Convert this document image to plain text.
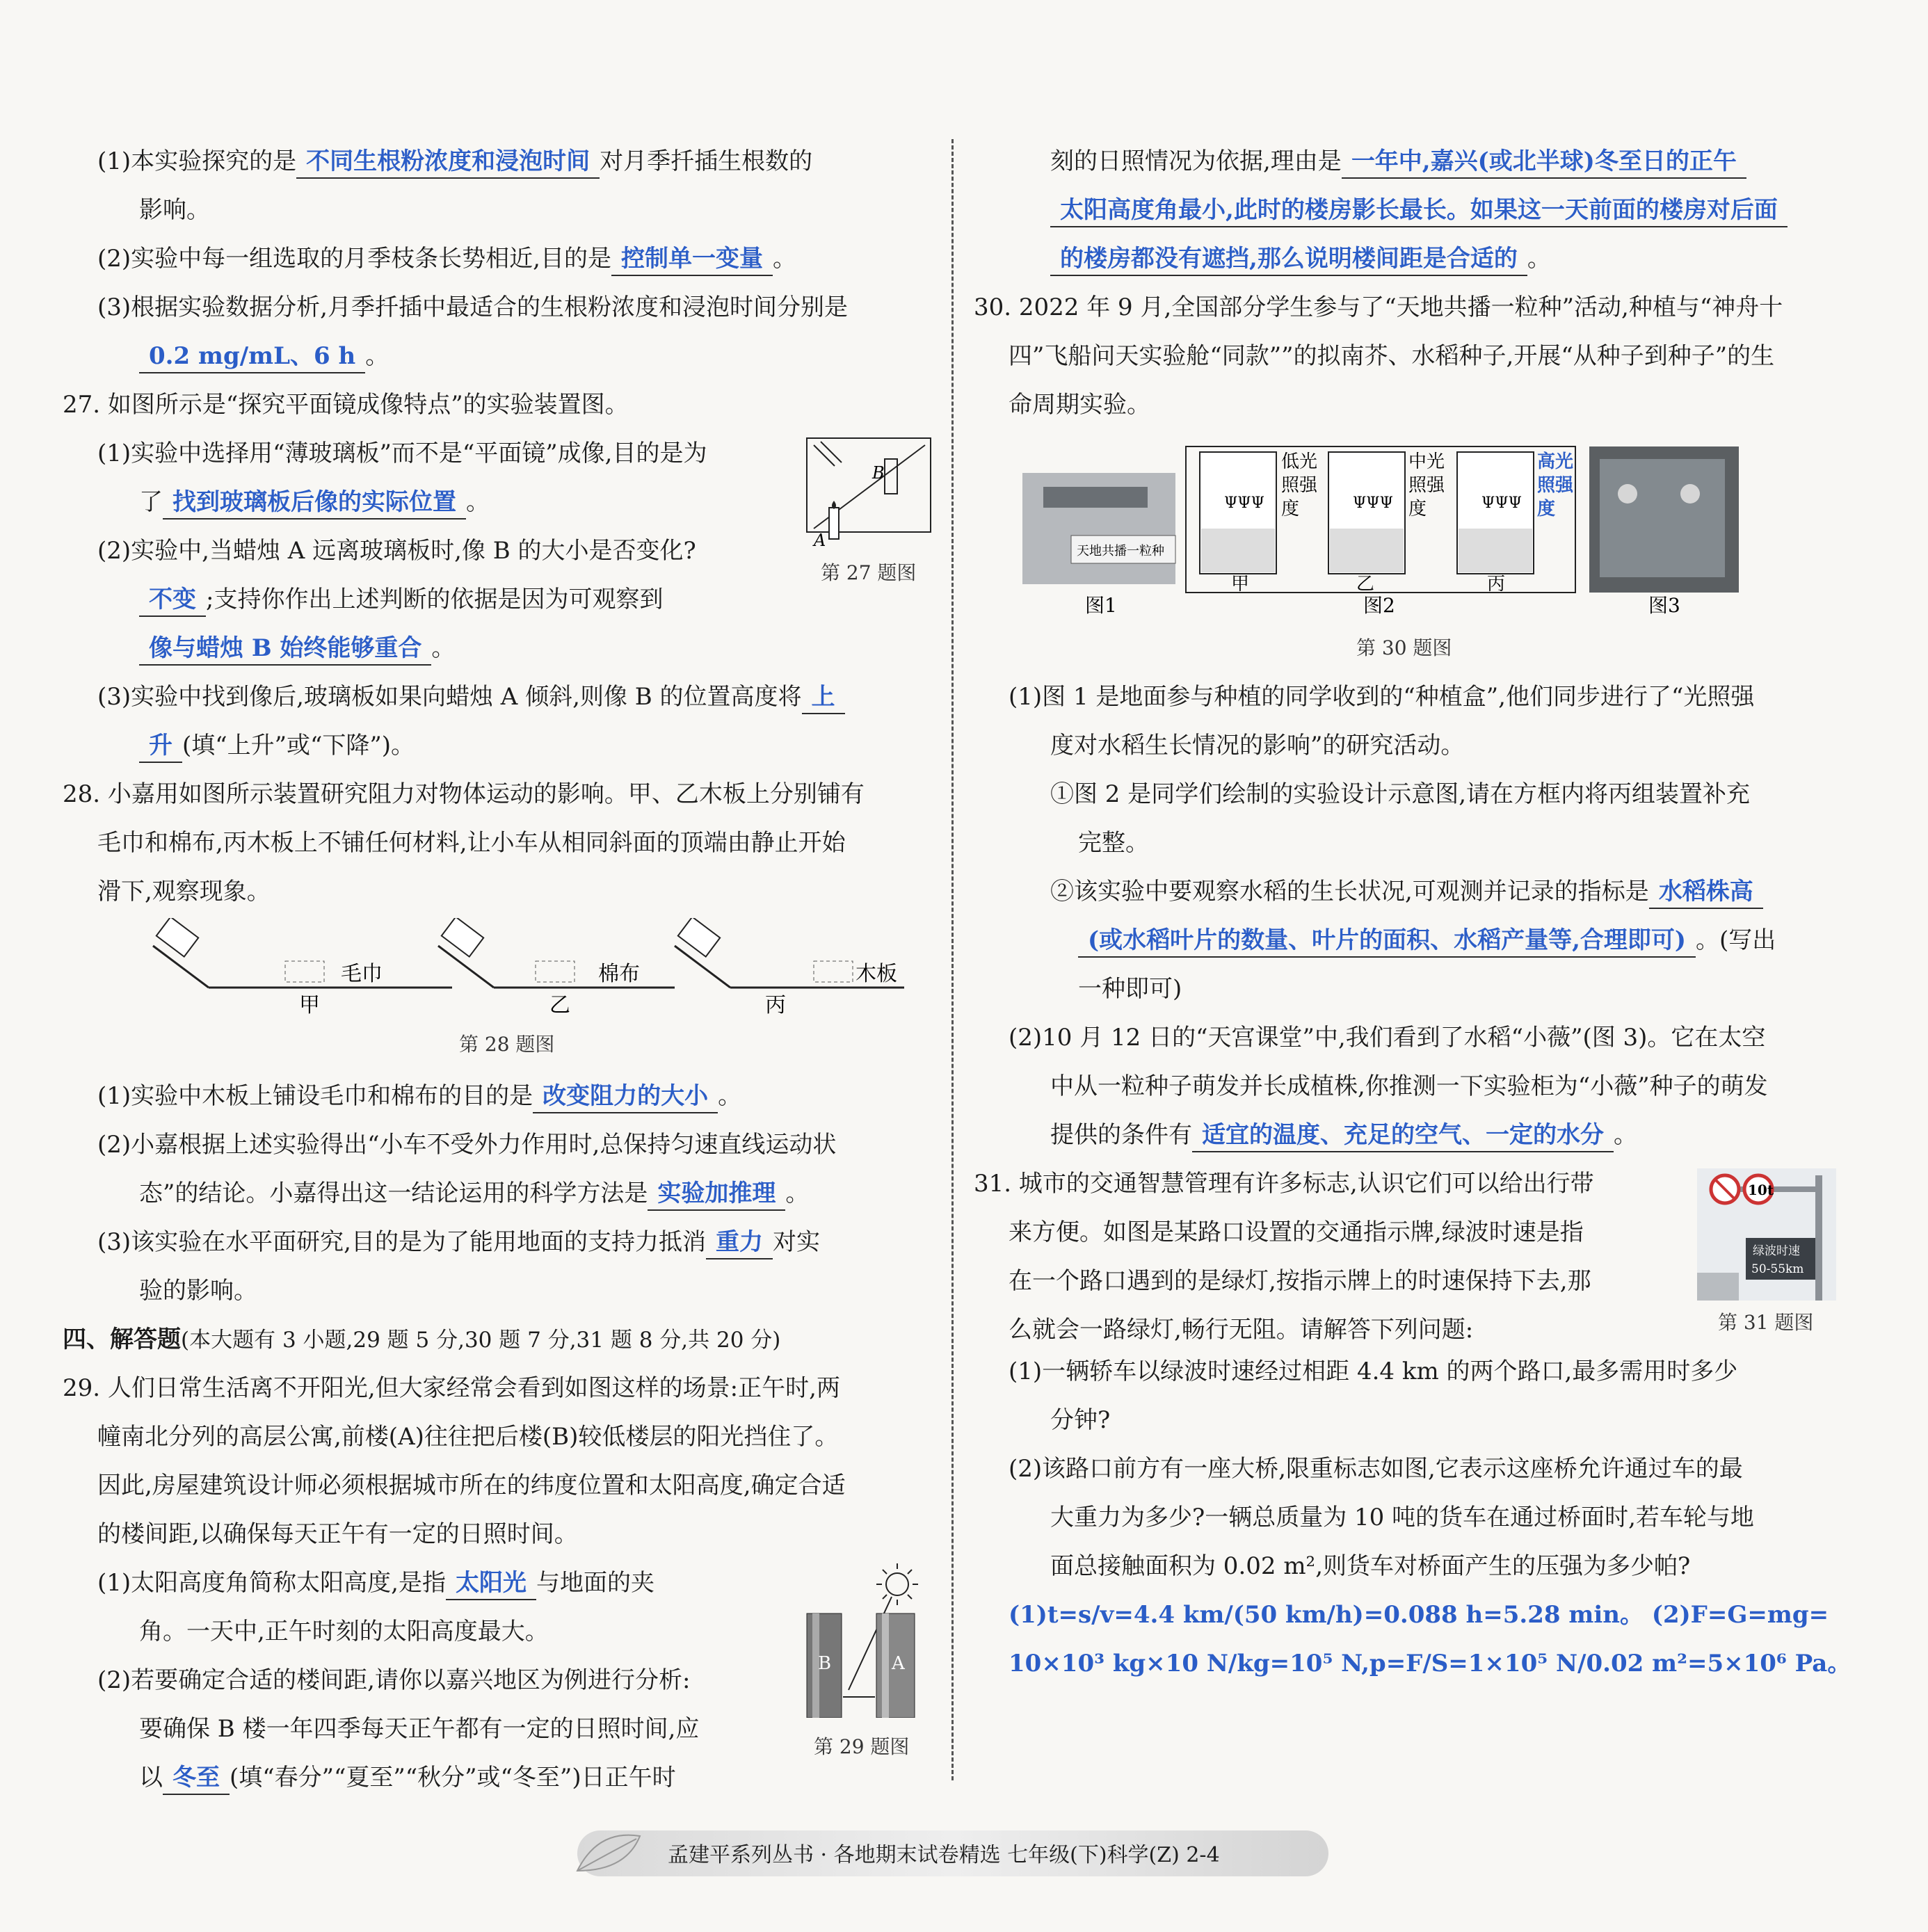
(1)本实验探究的是 不同生根粉浓度和浸泡时间 对月季扦插生根数的
影响。
(2)实验中每一组选取的月季枝条长势相近,目的是 控制单一变量 。
(3)根据实验数据分析,月季扦插中最适合的生根粉浓度和浸泡时间分别是
0.2 mg/mL、6 h 。
27. 如图所示是“探究平面镜成像特点”的实验装置图。
(1)实验中选择用“薄玻璃板”而不是“平面镜”成像,目的是为
了 找到玻璃板后像的实际位置 。
(2)实验中,当蜡烛 A 远离玻璃板时,像 B 的大小是否变化?
不变 ;支持你作出上述判断的依据是因为可观察到
像与蜡烛 B 始终能够重合 。
(3)实验中找到像后,玻璃板如果向蜡烛 A 倾斜,则像 B 的位置高度将 上
升 (填“上升”或“下降”)。
B
A
第 27 题图
28. 小嘉用如图所示装置研究阻力对物体运动的影响。甲、乙木板上分别铺有
毛巾和棉布,丙木板上不铺任何材料,让小车从相同斜面的顶端由静止开始
滑下,观察现象。
毛巾
甲
棉布
乙
木板
丙
第 28 题图
(1)实验中木板上铺设毛巾和棉布的目的是 改变阻力的大小 。
(2)小嘉根据上述实验得出“小车不受外力作用时,总保持匀速直线运动状
态”的结论。小嘉得出这一结论运用的科学方法是 实验加推理 。
(3)该实验在水平面研究,目的是为了能用地面的支持力抵消 重力 对实
验的影响。
四、解答题(本大题有 3 小题,29 题 5 分,30 题 7 分,31 题 8 分,共 20 分)
29. 人们日常生活离不开阳光,但大家经常会看到如图这样的场景:正午时,两
幢南北分列的高层公寓,前楼(A)往往把后楼(B)较低楼层的阳光挡住了。
因此,房屋建筑设计师必须根据城市所在的纬度位置和太阳高度,确定合适
的楼间距,以确保每天正午有一定的日照时间。
(1)太阳高度角简称太阳高度,是指 太阳光 与地面的夹
角。一天中,正午时刻的太阳高度最大。
(2)若要确定合适的楼间距,请你以嘉兴地区为例进行分析:
要确保 B 楼一年四季每天正午都有一定的日照时间,应
以 冬至 (填“春分”“夏至”“秋分”或“冬至”)日正午时
B	A
第 29 题图
刻的日照情况为依据,理由是 一年中,嘉兴(或北半球)冬至日的正午
太阳高度角最小,此时的楼房影长最长。如果这一天前面的楼房对后面
的楼房都没有遮挡,那么说明楼间距是合适的 。
30. 2022 年 9 月,全国部分学生参与了“天地共播一粒种”活动,种植与“神舟十
四”飞船问天实验舱“同款””的拟南芥、水稻种子,开展“从种子到种子”的生
命周期实验。
天地共播一粒种
图1
ΨΨΨ
低光
照强
度
甲
ΨΨΨ
中光
照强
度
乙
ΨΨΨ
高光
照强
度
丙
图2	图3
第 30 题图
(1)图 1 是地面参与种植的同学收到的“种植盒”,他们同步进行了“光照强
度对水稻生长情况的影响”的研究活动。
①图 2 是同学们绘制的实验设计示意图,请在方框内将丙组装置补充
完整。
②该实验中要观察水稻的生长状况,可观测并记录的指标是 水稻株高
(或水稻叶片的数量、叶片的面积、水稻产量等,合理即可) 。(写出
一种即可)
(2)10 月 12 日的“天宫课堂”中,我们看到了水稻“小薇”(图 3)。它在太空
中从一粒种子萌发并长成植株,你推测一下实验柜为“小薇”种子的萌发
提供的条件有 适宜的温度、充足的空气、一定的水分 。
31. 城市的交通智慧管理有许多标志,认识它们可以给出行带
来方便。如图是某路口设置的交通指示牌,绿波时速是指
在一个路口遇到的是绿灯,按指示牌上的时速保持下去,那
么就会一路绿灯,畅行无阻。请解答下列问题:
10t
绿波时速
50-55km
第 31 题图
(1)一辆轿车以绿波时速经过相距 4.4 km 的两个路口,最多需用时多少
分钟?
(2)该路口前方有一座大桥,限重标志如图,它表示这座桥允许通过车的最
大重力为多少?一辆总质量为 10 吨的货车在通过桥面时,若车轮与地
面总接触面积为 0.02 m²,则货车对桥面产生的压强为多少帕?
(1)t=s/v=4.4 km/(50 km/h)=0.088 h=5.28 min。 (2)F=G=mg=
10×10³ kg×10 N/kg=10⁵ N,p=F/S=1×10⁵ N/0.02 m²=5×10⁶ Pa。
孟建平系列丛书 · 各地期末试卷精选 七年级(下)科学(Z) 2-4
